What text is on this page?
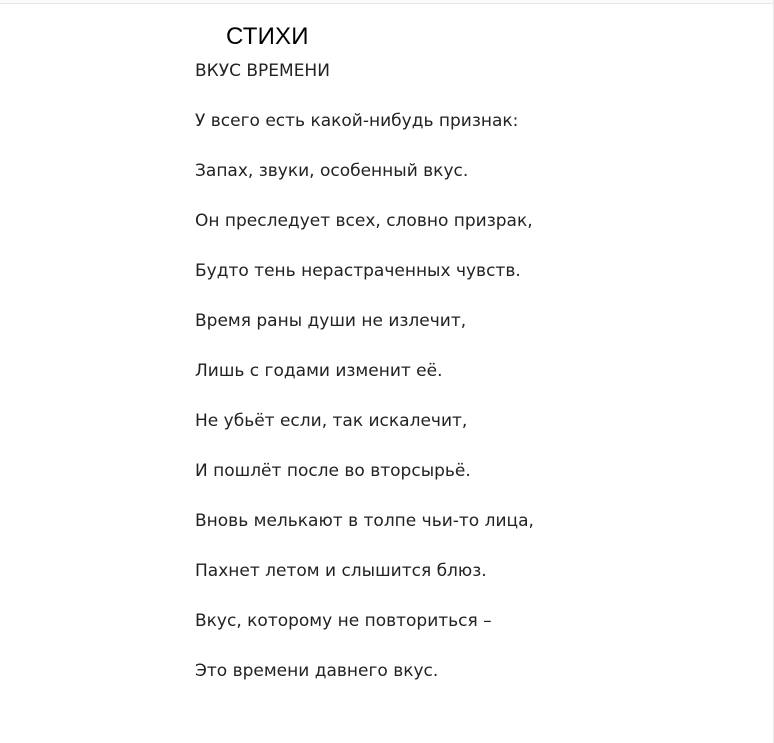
СТИХИ
ВКУС ВРЕМЕНИ
У всего есть какой-нибудь признак:
Запах, звуки, особенный вкус.
Он преследует всех, словно призрак,
Будто тень нерастраченных чувств.
Время раны души не излечит,
Лишь с годами изменит её.
Не убьёт если, так искалечит,
И пошлёт после во вторсырьё.
Вновь мелькают в толпе чьи-то лица,
Пахнет летом и слышится блюз.
Вкус, которому не повториться –
Это времени давнего вкус.
